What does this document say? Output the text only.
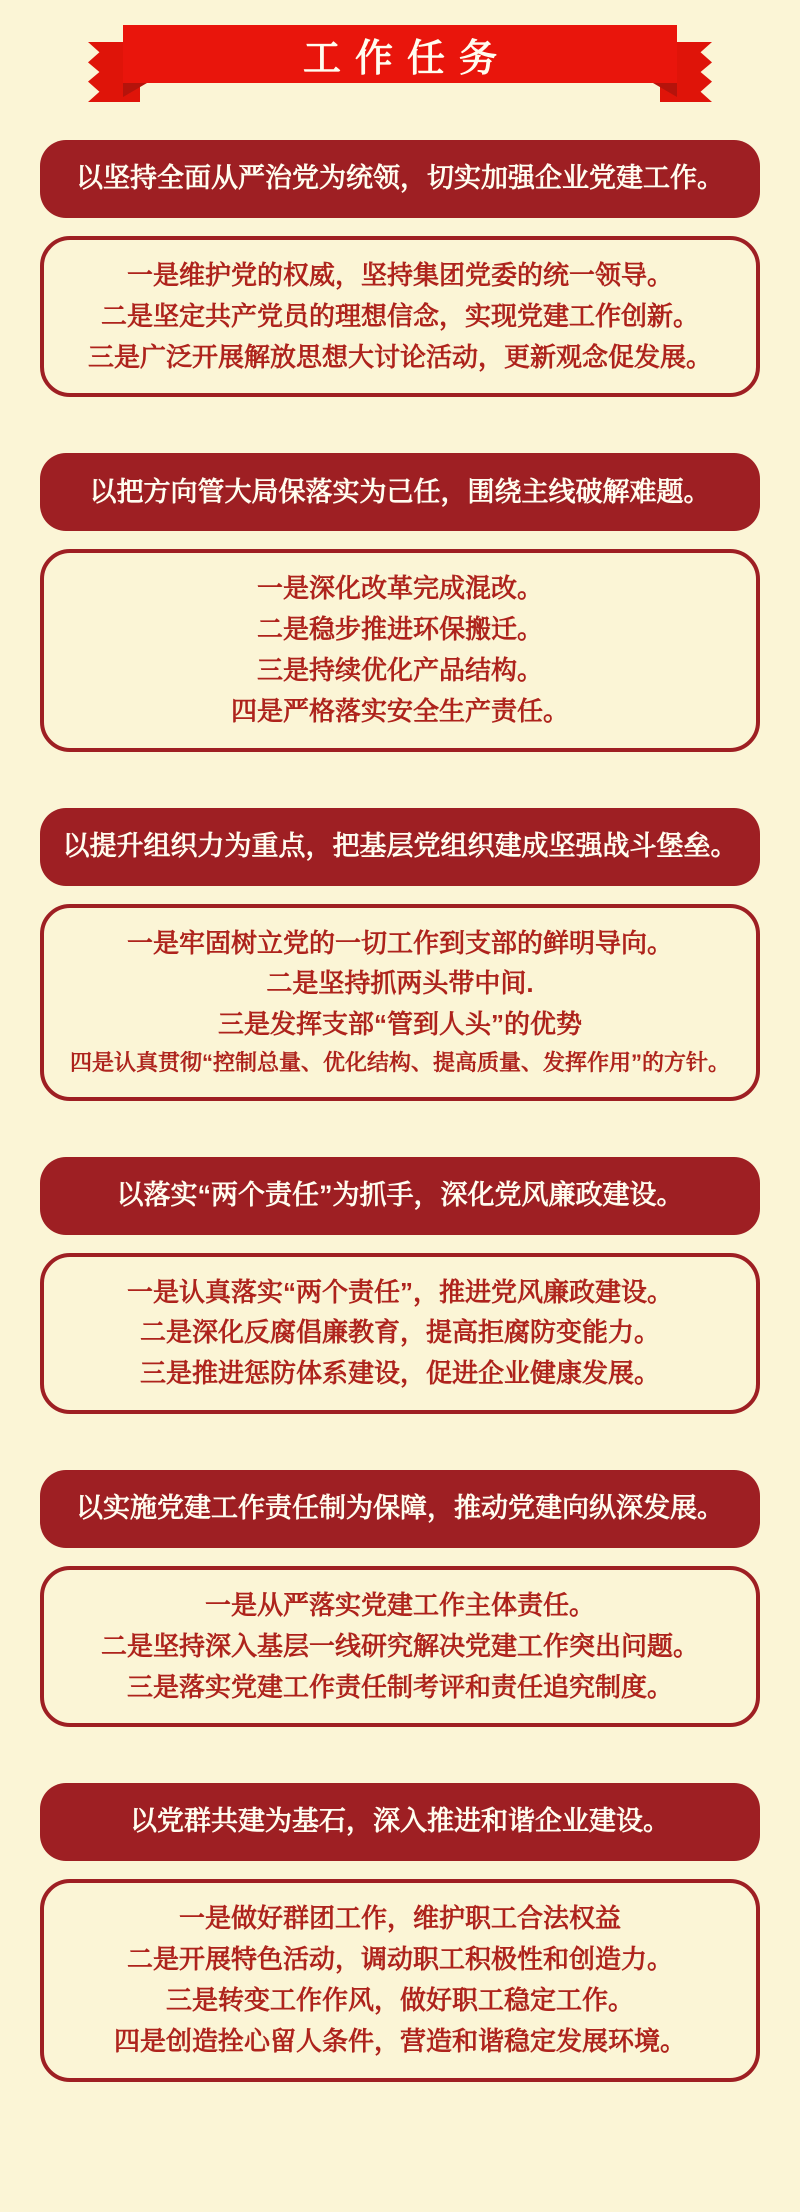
工作任务
以坚持全面从严治党为统领，切实加强企业党建工作。

一是维护党的权威，坚持集团党委的统一领导。

二是坚定共产党员的理想信念，实现党建工作创新。

三是广泛开展解放思想大讨论活动，更新观念促发展。

以把方向管大局保落实为己任，围绕主线破解难题。

一是深化改革完成混改。

二是稳步推进环保搬迁。

三是持续优化产品结构。

四是严格落实安全生产责任。

以提升组织力为重点，把基层党组织建成坚强战斗堡垒。

一是牢固树立党的一切工作到支部的鲜明导向。

二是坚持抓两头带中间.

三是发挥支部“管到人头”的优势

四是认真贯彻“控制总量、优化结构、提高质量、发挥作用”的方针。

以落实“两个责任”为抓手，深化党风廉政建设。

一是认真落实“两个责任”，推进党风廉政建设。

二是深化反腐倡廉教育，提高拒腐防变能力。

三是推进惩防体系建设，促进企业健康发展。

以实施党建工作责任制为保障，推动党建向纵深发展。

一是从严落实党建工作主体责任。

二是坚持深入基层一线研究解决党建工作突出问题。

三是落实党建工作责任制考评和责任追究制度。

以党群共建为基石，深入推进和谐企业建设。

一是做好群团工作，维护职工合法权益

二是开展特色活动，调动职工积极性和创造力。

三是转变工作作风，做好职工稳定工作。

四是创造拴心留人条件，营造和谐稳定发展环境。
